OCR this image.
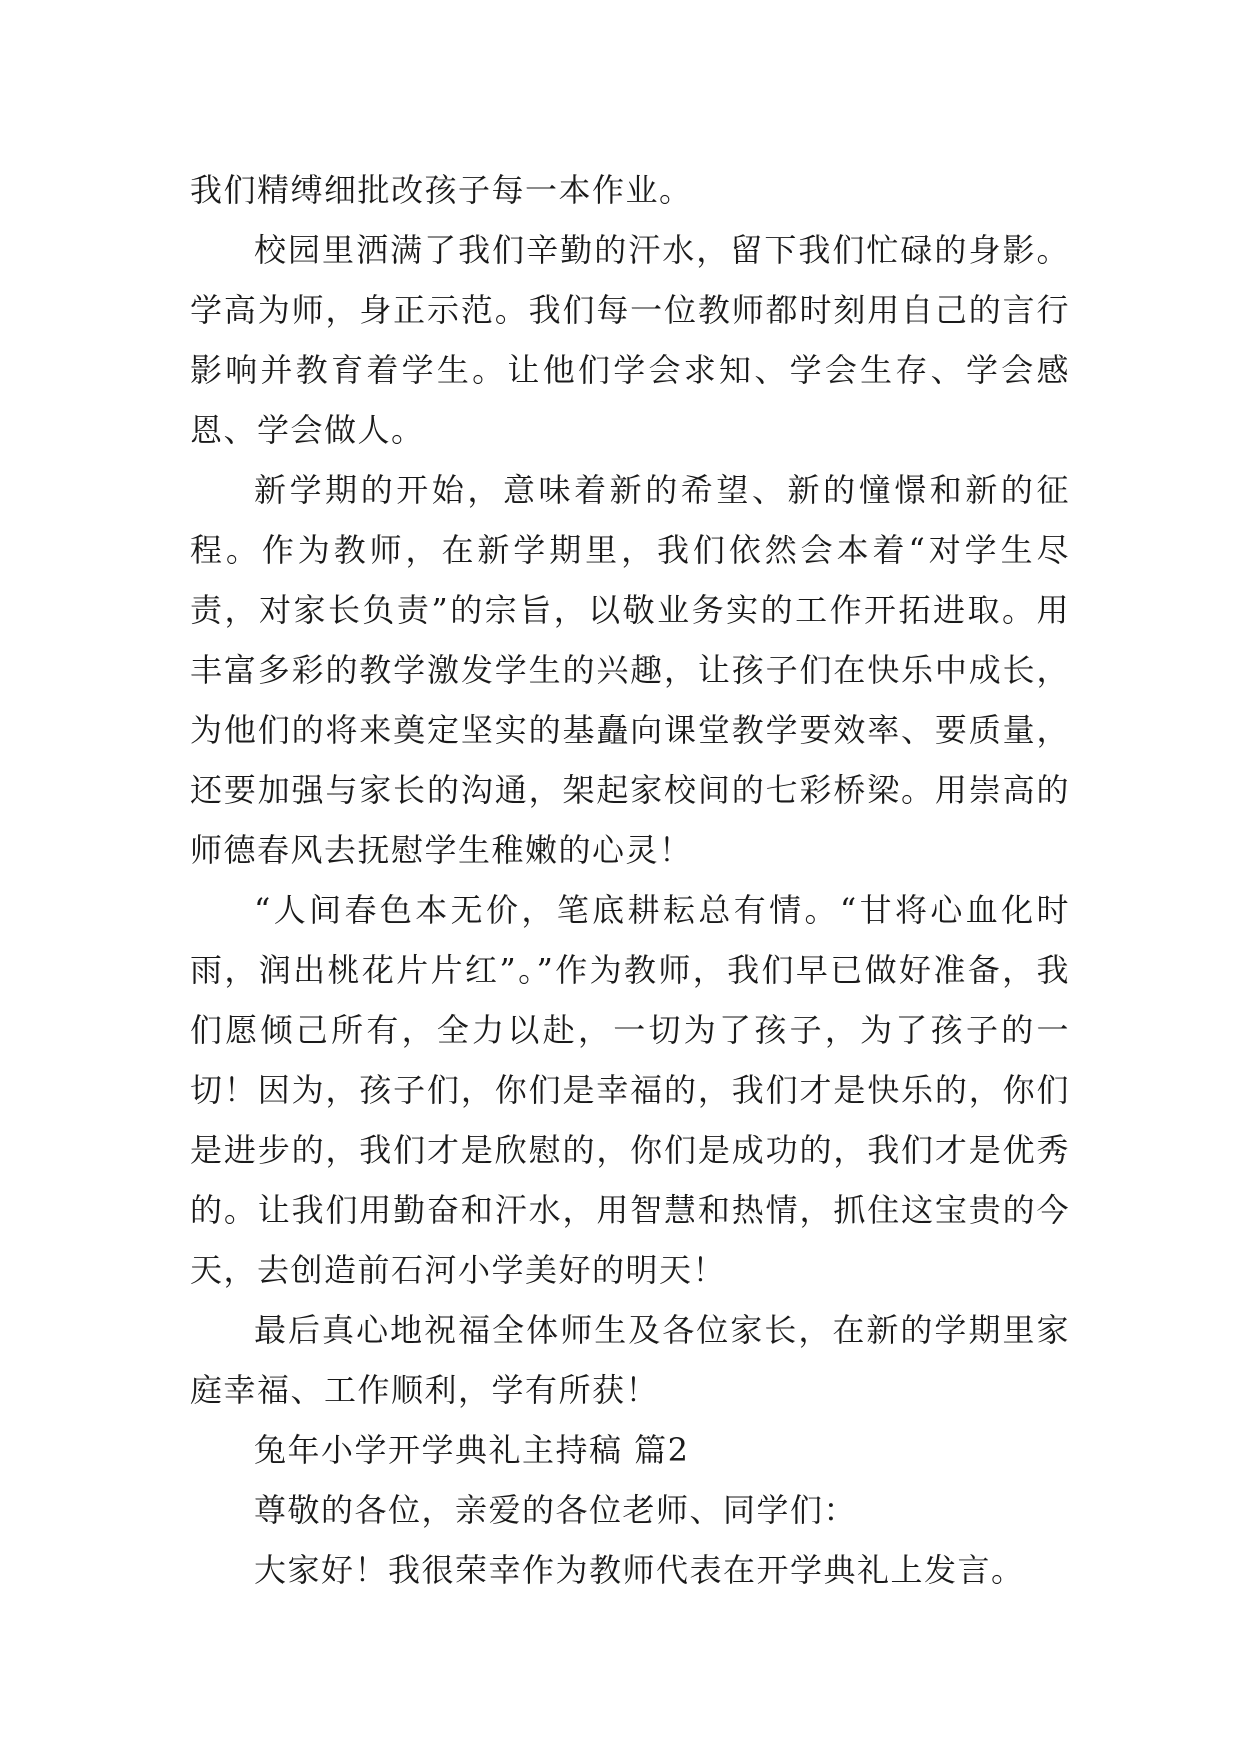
我们精缚细批改孩子每一本作业。

校园里洒满了我们辛勤的汗水，留下我们忙碌的身影。学高为师，身正示范。我们每一位教师都时刻用自己的言行影响并教育着学生。让他们学会求知、学会生存、学会感恩、学会做人。

新学期的开始，意味着新的希望、新的憧憬和新的征程。作为教师，在新学期里，我们依然会本着“对学生尽责，对家长负责”的宗旨，以敬业务实的工作开拓进取。用丰富多彩的教学激发学生的兴趣，让孩子们在快乐中成长，为他们的将来奠定坚实的基矗向课堂教学要效率、要质量，还要加强与家长的沟通，架起家校间的七彩桥梁。用崇高的师德春风去抚慰学生稚嫩的心灵！

“人间春色本无价，笔底耕耘总有情。“甘将心血化时雨，润出桃花片片红”。”作为教师，我们早已做好准备，我们愿倾己所有，全力以赴，一切为了孩子，为了孩子的一切！因为，孩子们，你们是幸福的，我们才是快乐的，你们是进步的，我们才是欣慰的，你们是成功的，我们才是优秀的。让我们用勤奋和汗水，用智慧和热情，抓住这宝贵的今天，去创造前石河小学美好的明天！

最后真心地祝福全体师生及各位家长，在新的学期里家庭幸福、工作顺利，学有所获！

兔年小学开学典礼主持稿 篇2

尊敬的各位，亲爱的各位老师、同学们：

大家好！我很荣幸作为教师代表在开学典礼上发言。
